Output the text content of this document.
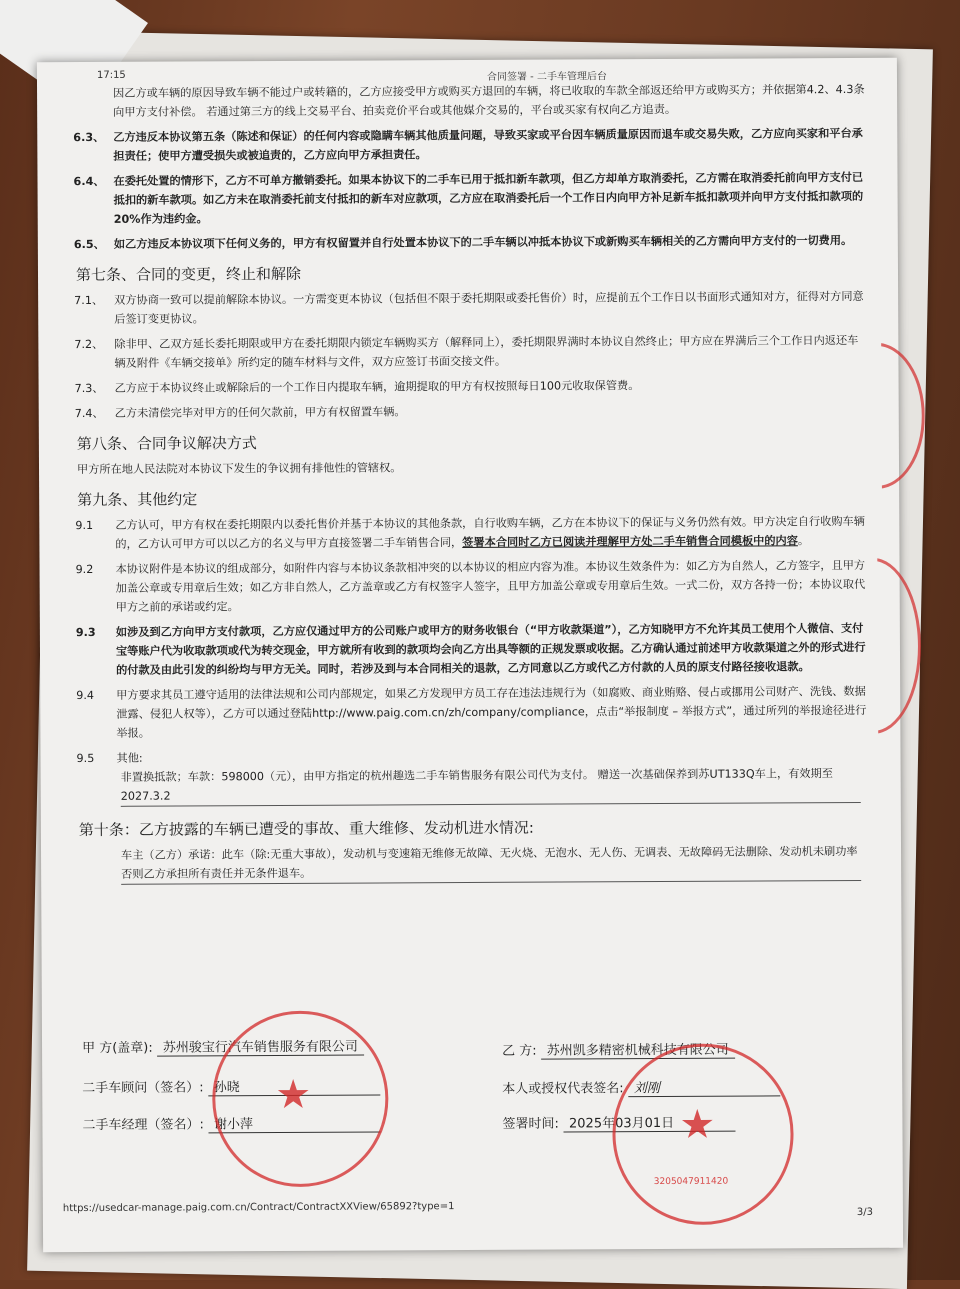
17:15	合同签署 - 二手车管理后台
因乙方或车辆的原因导致车辆不能过户或转籍的，乙方应接受甲方或购买方退回的车辆，将已收取的车款全部返还给甲方或购买方；并依据第4.2、4.3条向甲方支付补偿。 若通过第三方的线上交易平台、拍卖竞价平台或其他媒介交易的，平台或买家有权向乙方追责。
6.3、 乙方违反本协议第五条（陈述和保证）的任何内容或隐瞒车辆其他质量问题，导致买家或平台因车辆质量原因而退车或交易失败，乙方应向买家和平台承担责任；使甲方遭受损失或被追责的，乙方应向甲方承担责任。
6.4、 在委托处置的情形下，乙方不可单方撤销委托。如果本协议下的二手车已用于抵扣新车款项，但乙方却单方取消委托，乙方需在取消委托前向甲方支付已抵扣的新车款项。如乙方未在取消委托前支付抵扣的新车对应款项，乙方应在取消委托后一个工作日内向甲方补足新车抵扣款项并向甲方支付抵扣款项的20%作为违约金。
6.5、 如乙方违反本协议项下任何义务的，甲方有权留置并自行处置本协议下的二手车辆以冲抵本协议下或新购买车辆相关的乙方需向甲方支付的一切费用。
第七条、合同的变更，终止和解除
7.1、 双方协商一致可以提前解除本协议。一方需变更本协议（包括但不限于委托期限或委托售价）时，应提前五个工作日以书面形式通知对方，征得对方同意后签订变更协议。
7.2、 除非甲、乙双方延长委托期限或甲方在委托期限内锁定车辆购买方（解释同上），委托期限界满时本协议自然终止；甲方应在界满后三个工作日内返还车辆及附件《车辆交接单》所约定的随车材料与文件，双方应签订书面交接文件。
7.3、 乙方应于本协议终止或解除后的一个工作日内提取车辆，逾期提取的甲方有权按照每日100元收取保管费。
7.4、 乙方未清偿完毕对甲方的任何欠款前，甲方有权留置车辆。
第八条、合同争议解决方式
甲方所在地人民法院对本协议下发生的争议拥有排他性的管辖权。
第九条、其他约定
9.1	乙方认可，甲方有权在委托期限内以委托售价并基于本协议的其他条款，自行收购车辆，乙方在本协议下的保证与义务仍然有效。甲方决定自行收购车辆的，乙方认可甲方可以以乙方的名义与甲方直接签署二手车销售合同，签署本合同时乙方已阅读并理解甲方处二手车销售合同模板中的内容。
9.2	本协议附件是本协议的组成部分，如附件内容与本协议条款相冲突的以本协议的相应内容为准。本协议生效条件为：如乙方为自然人，乙方签字，且甲方加盖公章或专用章后生效；如乙方非自然人，乙方盖章或乙方有权签字人签字，且甲方加盖公章或专用章后生效。一式二份，双方各持一份；本协议取代甲方之前的承诺或约定。
9.3	如涉及到乙方向甲方支付款项，乙方应仅通过甲方的公司账户或甲方的财务收银台（“甲方收款渠道”），乙方知晓甲方不允许其员工使用个人微信、支付宝等账户代为收取款项或代为转交现金，甲方就所有收到的款项均会向乙方出具等额的正规发票或收据。乙方确认通过前述甲方收款渠道之外的形式进行的付款及由此引发的纠纷均与甲方无关。同时，若涉及到与本合同相关的退款，乙方同意以乙方或代乙方付款的人员的原支付路径接收退款。
9.4	甲方要求其员工遵守适用的法律法规和公司内部规定，如果乙方发现甲方员工存在违法违规行为（如腐败、商业贿赂、侵占或挪用公司财产、洗钱、数据泄露、侵犯人权等），乙方可以通过登陆http://www.paig.com.cn/zh/company/compliance，点击“举报制度 – 举报方式”，通过所列的举报途径进行举报。
9.5	其他:
非置换抵款；车款：598000（元），由甲方指定的杭州趣选二手车销售服务有限公司代为支付。 赠送一次基础保养到苏UT133Q车上，有效期至2027.3.2
第十条：乙方披露的车辆已遭受的事故、重大维修、发动机进水情况:
车主（乙方）承诺：此车（除:无重大事故），发动机与变速箱无维修无故障、无火烧、无泡水、无人伤、无调表、无故障码无法删除、发动机未刷功率否则乙方承担所有责任并无条件退车。
甲 方(盖章): 苏州骏宝行汽车销售服务有限公司
二手车顾问（签名）: 孙晓
二手车经理（签名）: 谢小萍
乙 方: 苏州凯多精密机械科技有限公司
本人或授权代表签名: 刘刚
签署时间: 2025年03月01日
★
★
3205047911420
https://usedcar-manage.paig.com.cn/Contract/ContractXXView/65892?type=1	3/3
